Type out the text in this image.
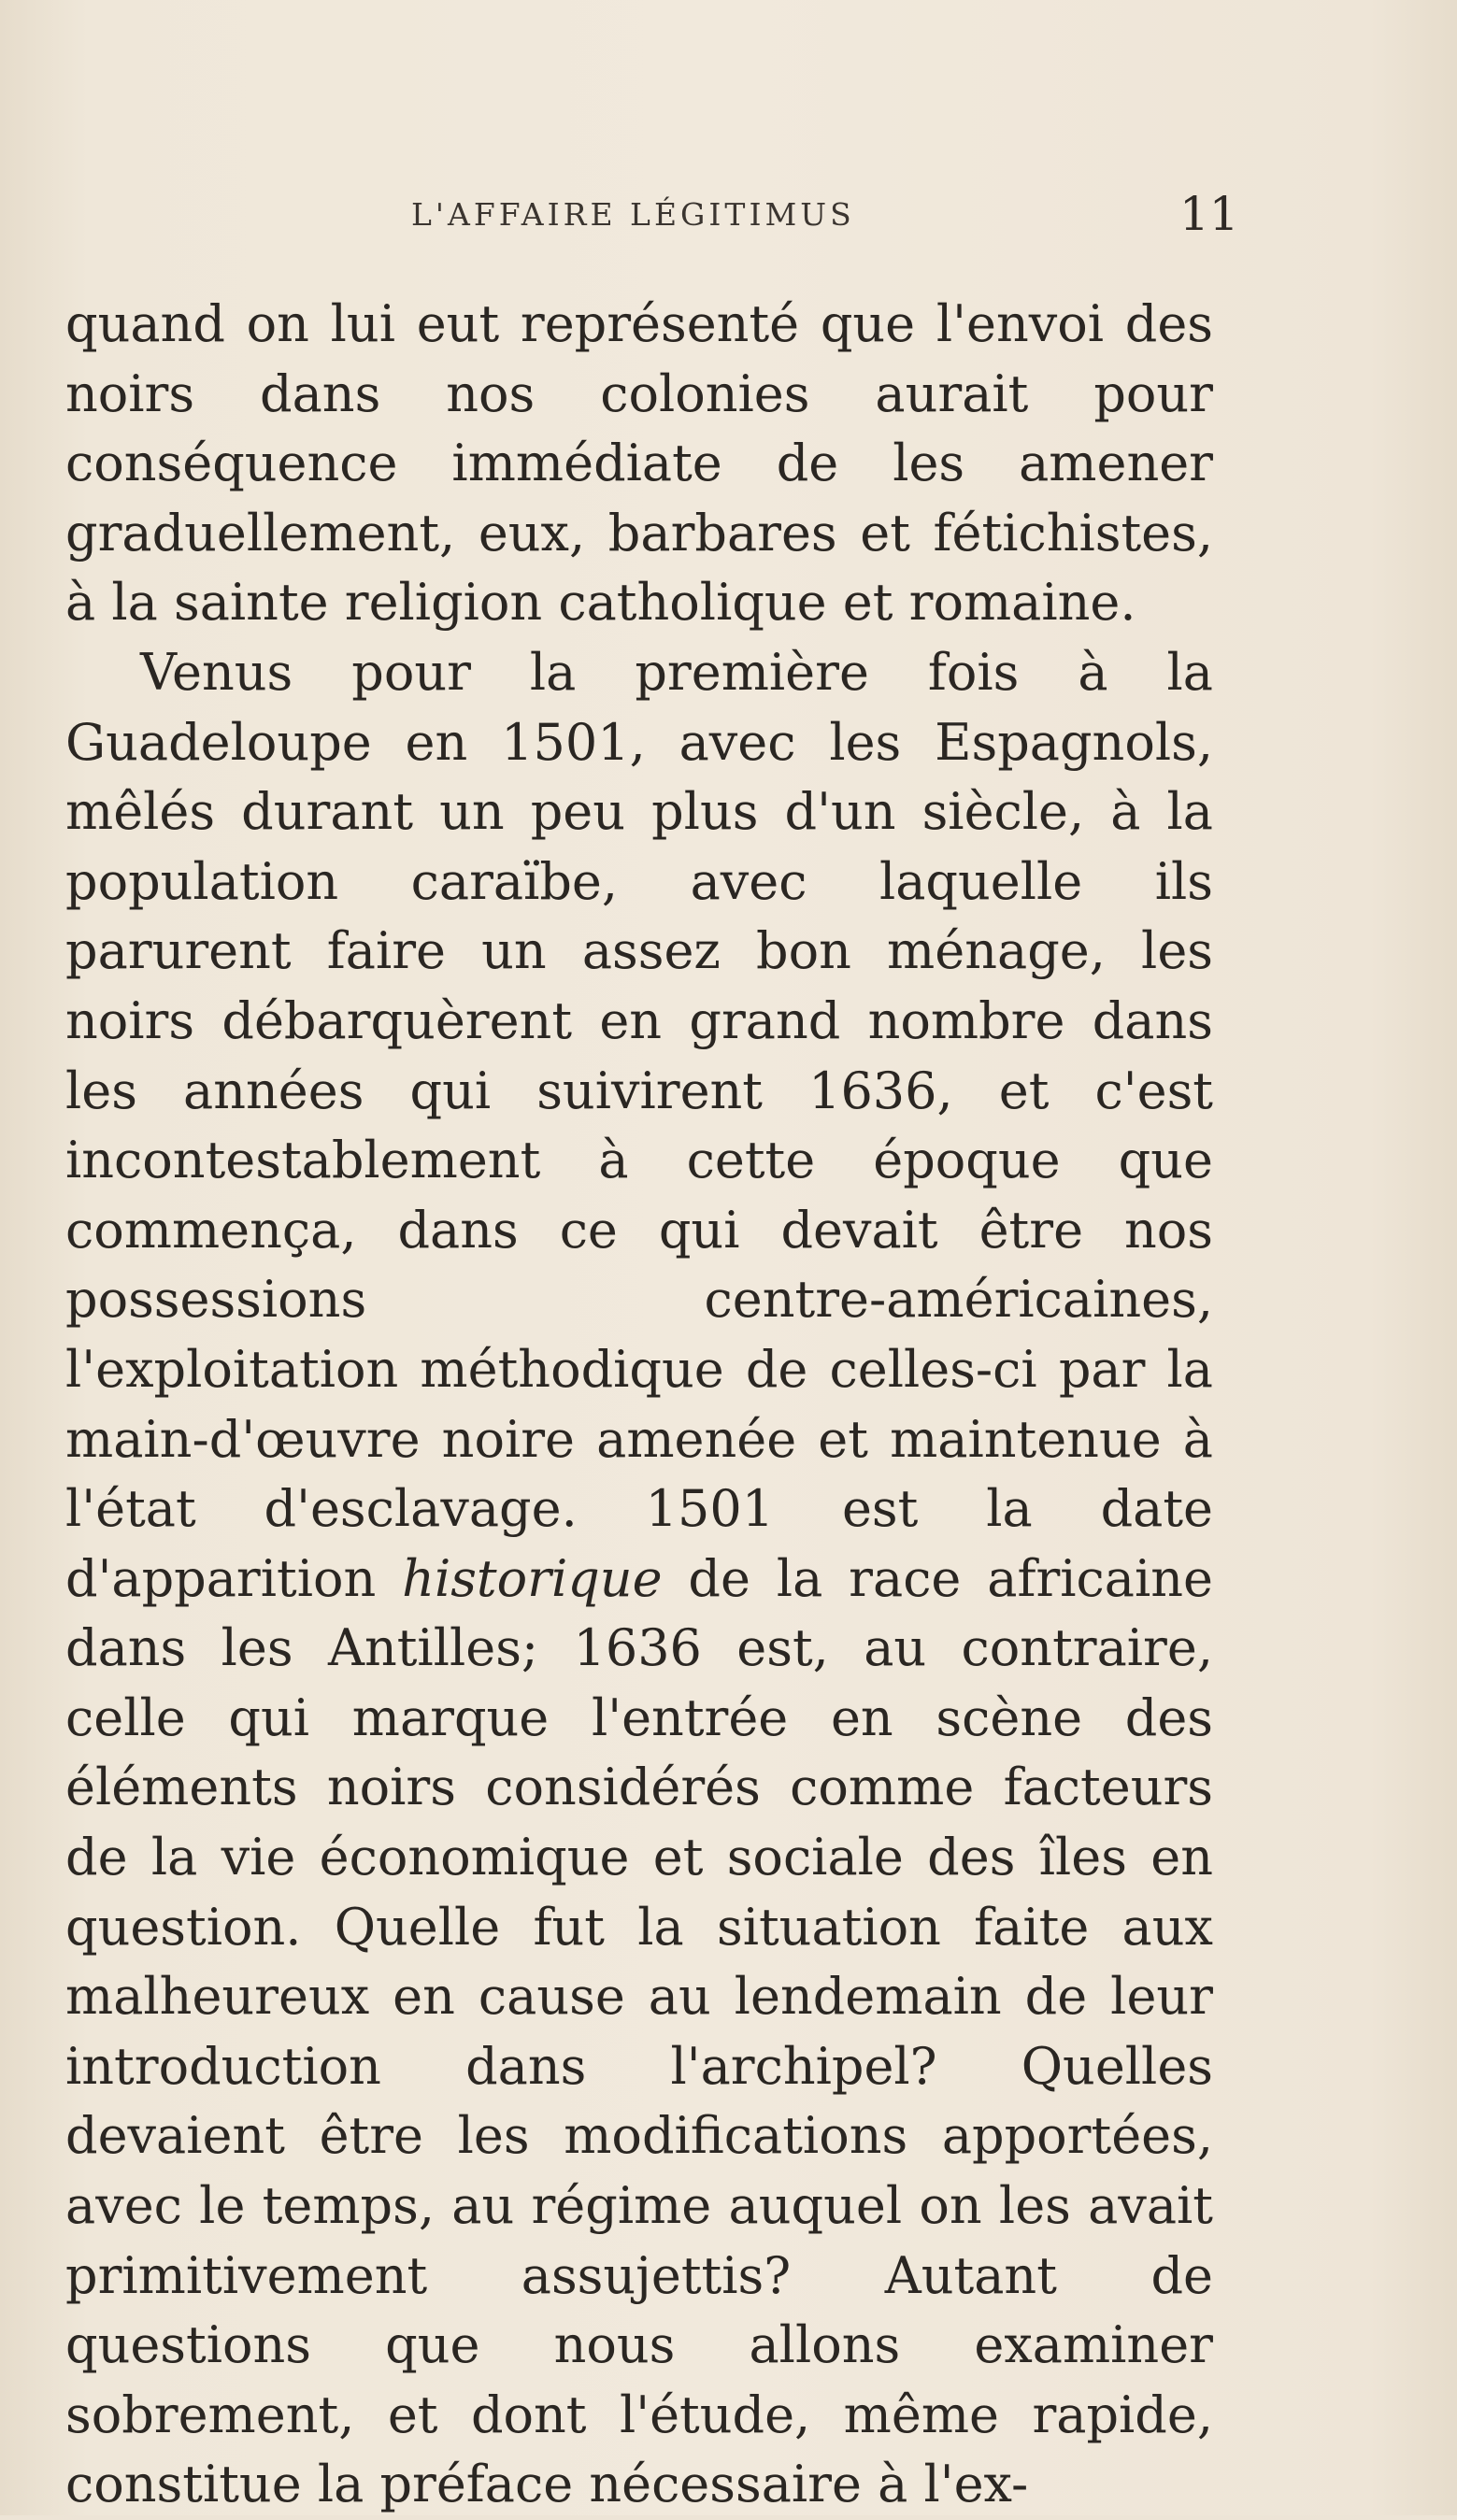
L'AFFAIRE LÉGITIMUS	11

quand on lui eut représenté que l'envoi des noirs dans nos colonies aurait pour conséquence immédiate de les amener graduellement, eux, barbares et fétichistes, à la sainte religion catholique et romaine.

Venus pour la première fois à la Guadeloupe en 1501, avec les Espagnols, mêlés durant un peu plus d'un siècle, à la population caraïbe, avec laquelle ils parurent faire un assez bon ménage, les noirs débarquèrent en grand nombre dans les années qui suivirent 1636, et c'est incontestablement à cette époque que commença, dans ce qui devait être nos possessions centre-américaines, l'exploitation méthodique de celles-ci par la main-d'œuvre noire amenée et maintenue à l'état d'esclavage. 1501 est la date d'apparition historique de la race africaine dans les Antilles; 1636 est, au contraire, celle qui marque l'entrée en scène des éléments noirs considérés comme facteurs de la vie économique et sociale des îles en question. Quelle fut la situation faite aux malheureux en cause au lendemain de leur introduction dans l'archipel? Quelles devaient être les modifications apportées, avec le temps, au régime auquel on les avait primitivement assujettis? Autant de questions que nous allons examiner sobrement, et dont l'étude, même rapide, constitue la préface nécessaire à l'ex-
